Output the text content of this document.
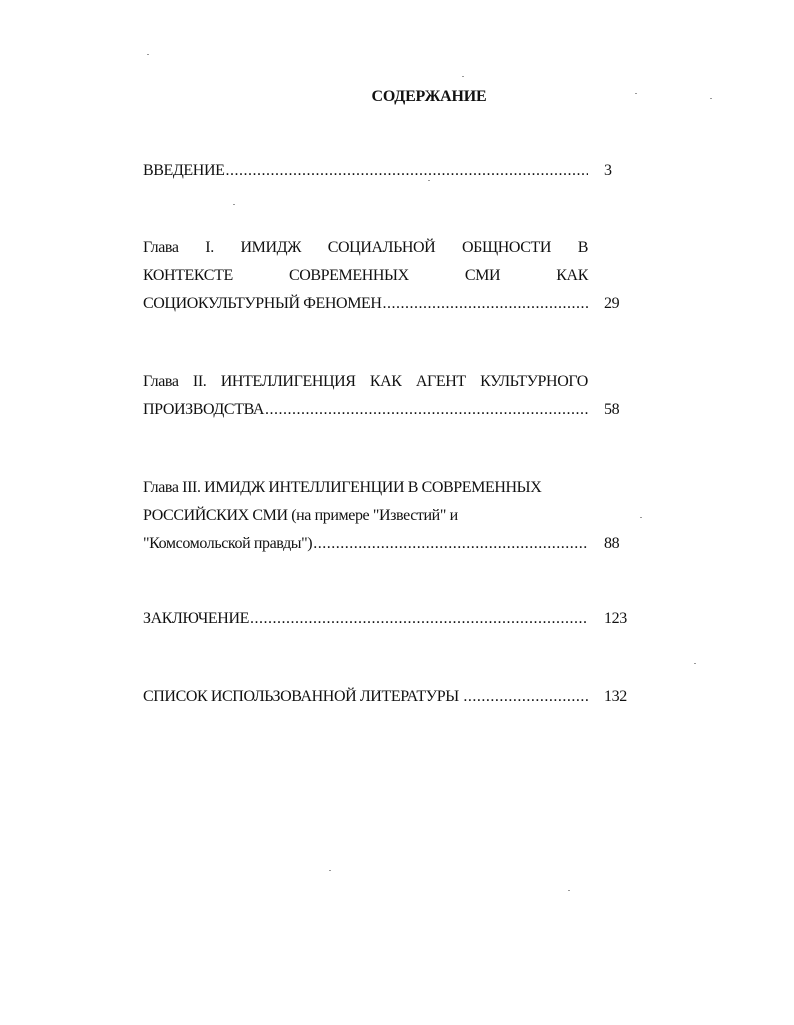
СОДЕРЖАНИЕ
ВВЕДЕНИЕ .....	3
Глава I. ИМИДЖ СОЦИАЛЬНОЙ ОБЩНОСТИ В
КОНТЕКСТЕ	СОВРЕМЕННЫХ	СМИ	КАК
СОЦИОКУЛЬТУРНЫЙ ФЕНОМЕН .....	29
Глава II. ИНТЕЛЛИГЕНЦИЯ КАК АГЕНТ КУЛЬТУРНОГО
ПРОИЗВОДСТВА .....	58
Глава III. ИМИДЖ ИНТЕЛЛИГЕНЦИИ В СОВРЕМЕННЫХ
РОССИЙСКИХ СМИ (на примере "Известий" и
"Комсомольской правды") .....	88
ЗАКЛЮЧЕНИЕ .....	123
СПИСОК ИСПОЛЬЗОВАННОЙ ЛИТЕРАТУРЫ .....	132
